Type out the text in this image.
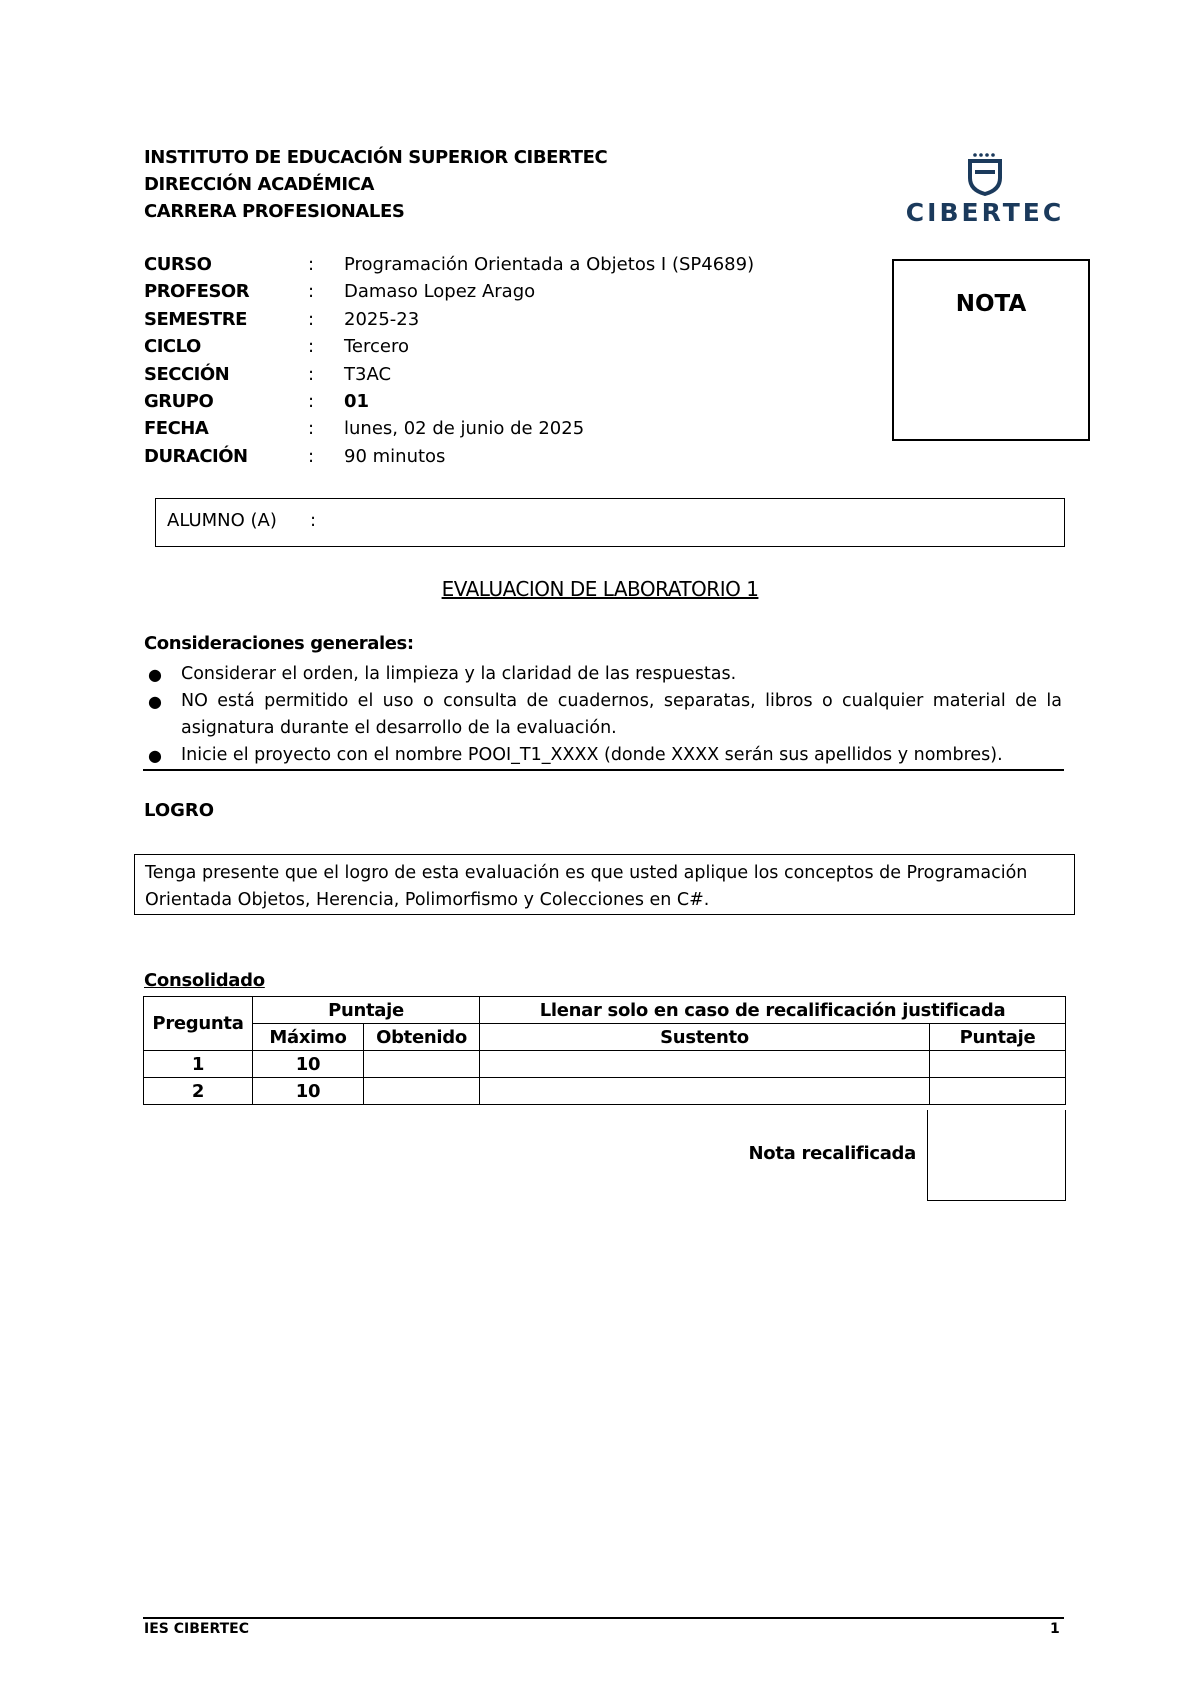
INSTITUTO DE EDUCACIÓN SUPERIOR CIBERTEC
DIRECCIÓN ACADÉMICA
CARRERA PROFESIONALES	CIBERTEC
CURSO	: Programación Orientada a Objetos I (SP4689)
PROFESOR	: Damaso Lopez Arago
SEMESTRE	: 2025-23
CICLO	: Tercero
SECCIÓN	: T3AC
GRUPO	: 01
FECHA	: lunes, 02 de junio de 2025
DURACIÓN	: 90 minutos
NOTA
ALUMNO (A) :
EVALUACION DE LABORATORIO 1
Consideraciones generales:
● Considerar el orden, la limpieza y la claridad de las respuestas.
● NO está permitido el uso o consulta de cuadernos, separatas, libros o cualquier material de la asignatura durante el desarrollo de la evaluación.
● Inicie el proyecto con el nombre POOI_T1_XXXX (donde XXXX serán sus apellidos y nombres).
LOGRO
Tenga presente que el logro de esta evaluación es que usted aplique los conceptos de Programación Orientada Objetos, Herencia, Polimorfismo y Colecciones en C#.
Consolidado
Pregunta	Puntaje		Llenar solo en caso de recalificación justificada	
	Máximo	Obtenido	Sustento	Puntaje
1	10			
2	10			
Nota recalificada
IES CIBERTEC	1
